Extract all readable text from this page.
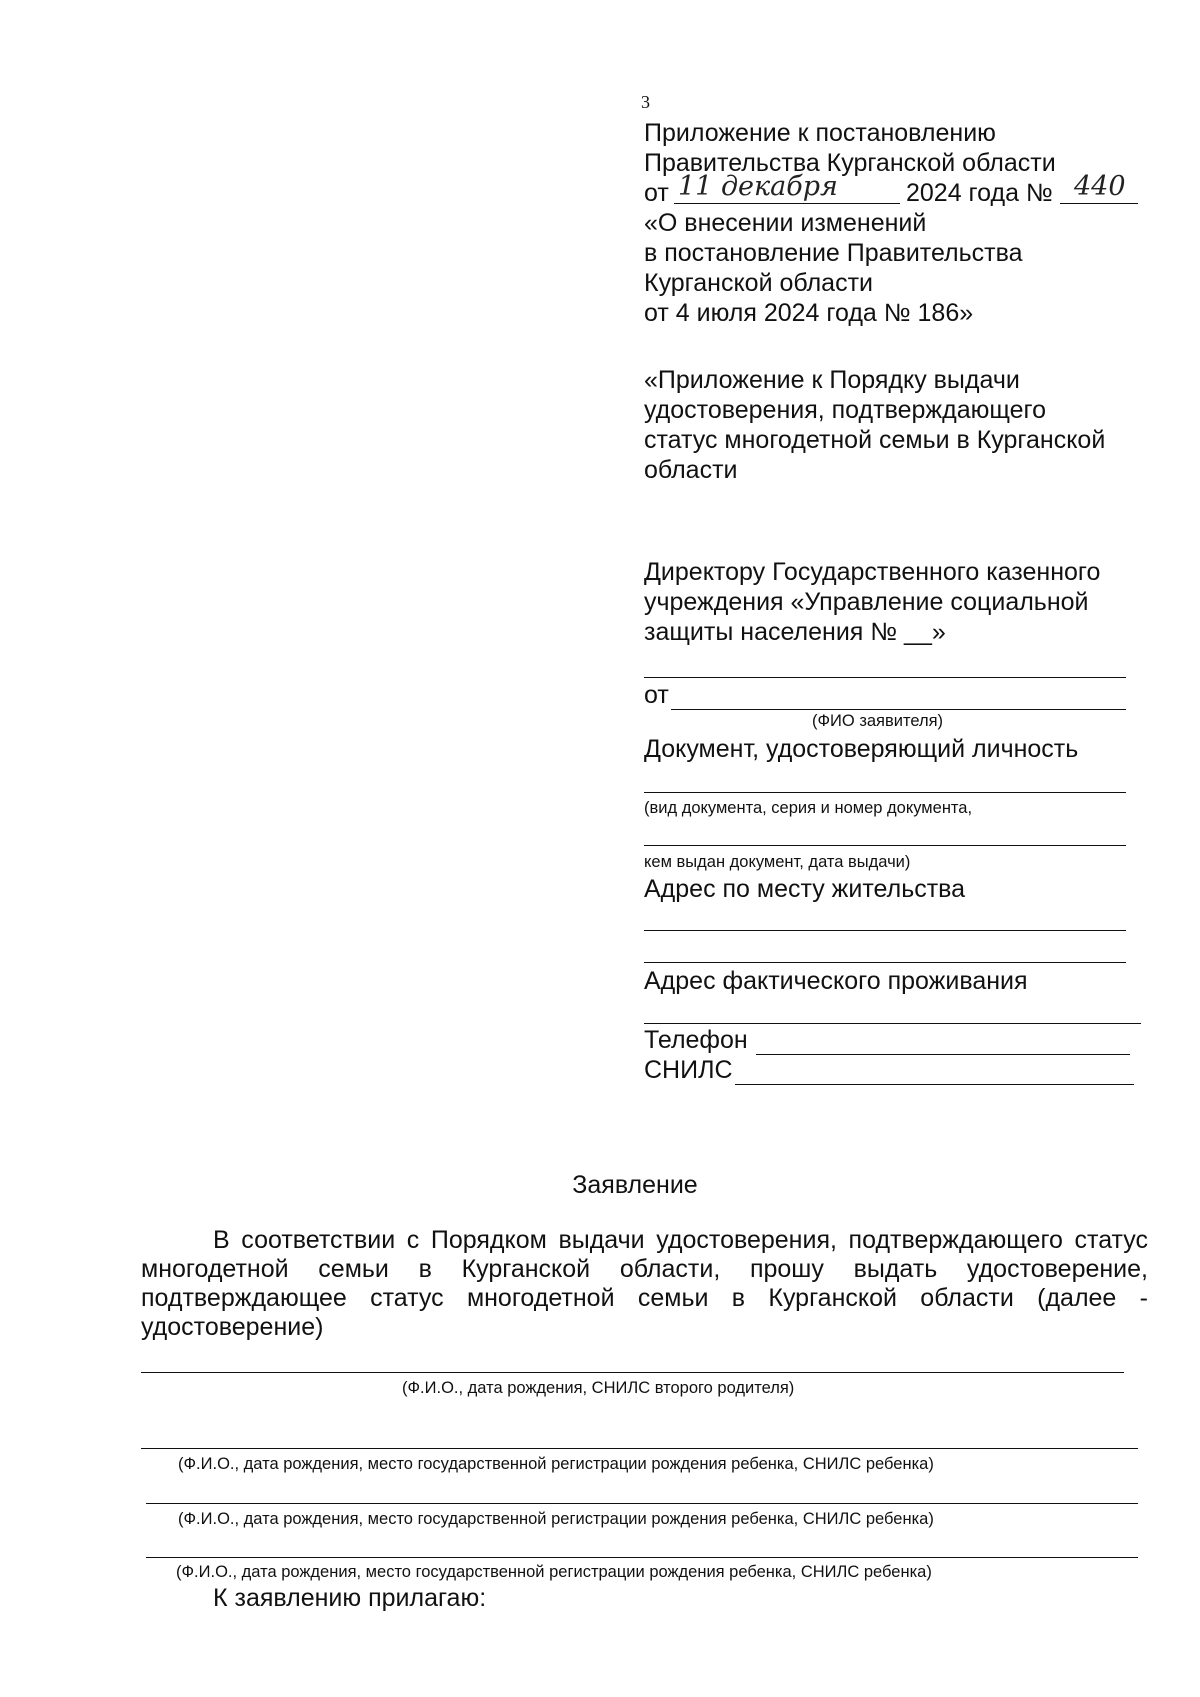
3
Приложение к постановлению
Правительства Курганской области
от 11 декабря	2024 года № 440
«О внесении изменений
в постановление Правительства
Курганской области
от 4 июля 2024 года № 186»
«Приложение к Порядку выдачи
удостоверения, подтверждающего
статус многодетной семьи в Курганской
области
Директору Государственного казенного
учреждения «Управление социальной
защиты населения № __»
от
(ФИО заявителя)
Документ, удостоверяющий личность
(вид документа, серия и номер документа,
кем выдан документ, дата выдачи)
Адрес по месту жительства
Адрес фактического проживания
Телефон
СНИЛС
Заявление
В соответствии с Порядком выдачи удостоверения, подтверждающего статус многодетной семьи в Курганской области, прошу выдать удостоверение, подтверждающее статус многодетной семьи в Курганской области (далее - удостоверение)
(Ф.И.О., дата рождения, СНИЛС второго родителя)
(Ф.И.О., дата рождения, место государственной регистрации рождения ребенка, СНИЛС ребенка)
(Ф.И.О., дата рождения, место государственной регистрации рождения ребенка, СНИЛС ребенка)
(Ф.И.О., дата рождения, место государственной регистрации рождения ребенка, СНИЛС ребенка)
К заявлению прилагаю:
